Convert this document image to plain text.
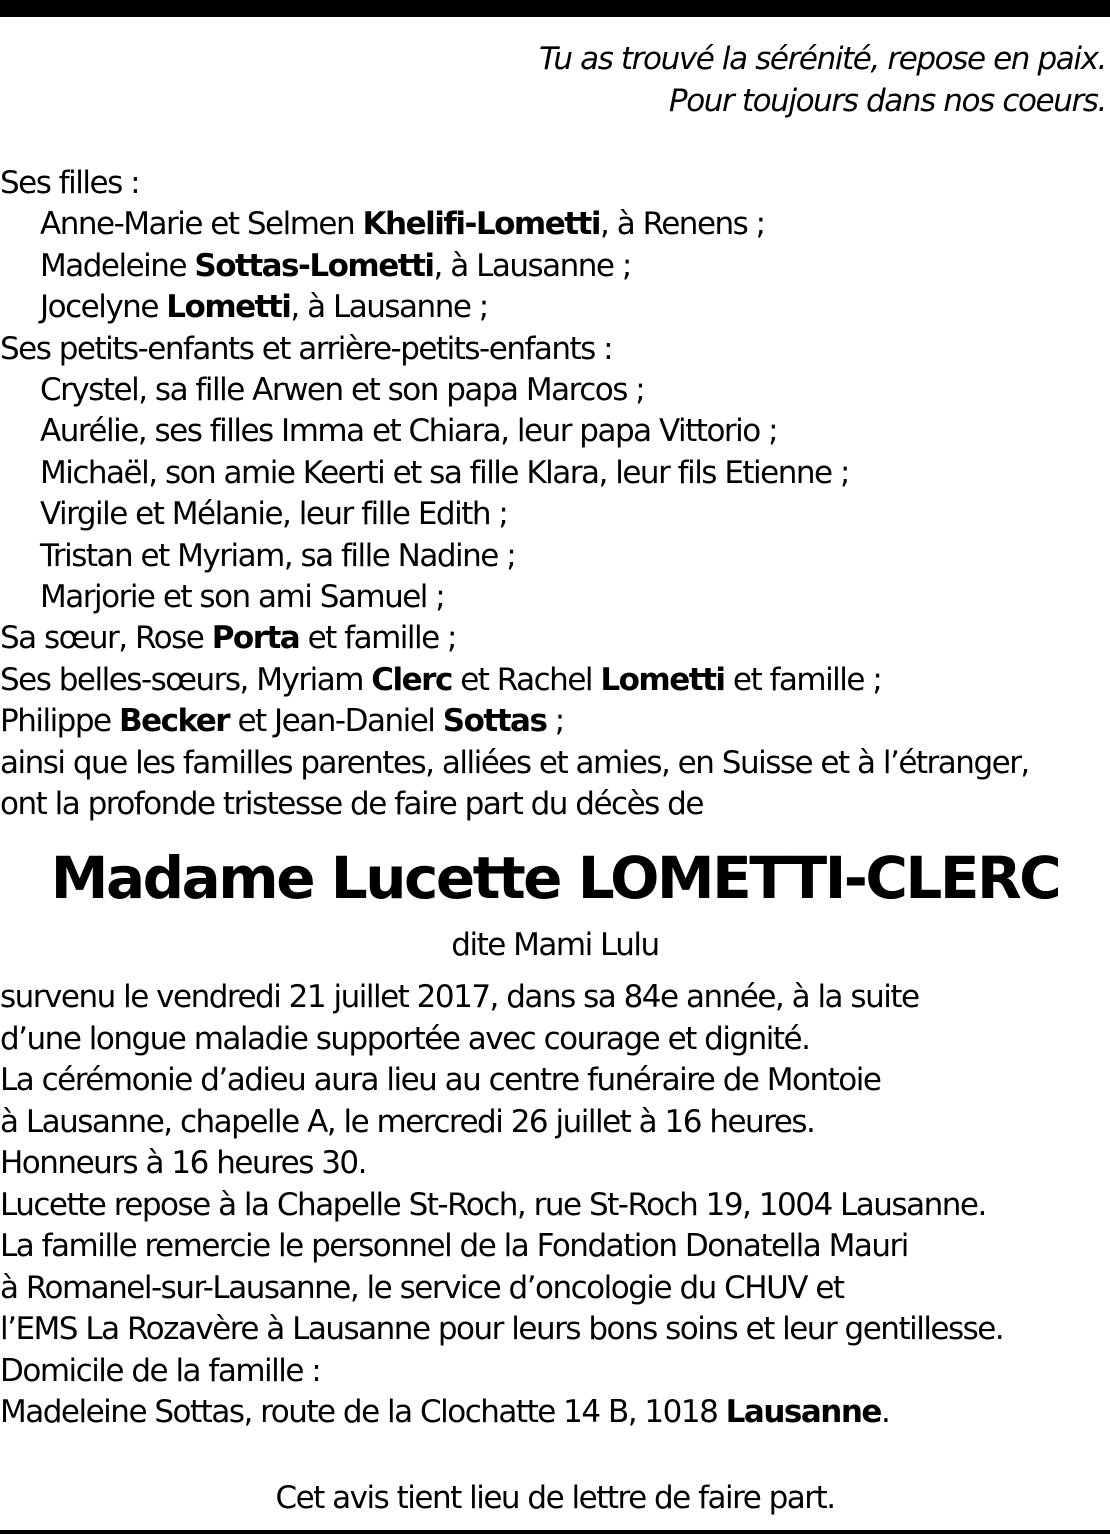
Tu as trouvé la sérénité, repose en paix.
Pour toujours dans nos coeurs.
Ses filles :
Anne-Marie et Selmen Khelifi-Lometti, à Renens ;
Madeleine Sottas-Lometti, à Lausanne ;
Jocelyne Lometti, à Lausanne ;
Ses petits-enfants et arrière-petits-enfants :
Crystel, sa fille Arwen et son papa Marcos ;
Aurélie, ses filles Imma et Chiara, leur papa Vittorio ;
Michaël, son amie Keerti et sa fille Klara, leur fils Etienne ;
Virgile et Mélanie, leur fille Edith ;
Tristan et Myriam, sa fille Nadine ;
Marjorie et son ami Samuel ;
Sa sœur, Rose Porta et famille ;
Ses belles-sœurs, Myriam Clerc et Rachel Lometti et famille ;
Philippe Becker et Jean-Daniel Sottas ;
ainsi que les familles parentes, alliées et amies, en Suisse et à l’étranger,
ont la profonde tristesse de faire part du décès de
Madame Lucette LOMETTI-CLERC
dite Mami Lulu
survenu le vendredi 21 juillet 2017, dans sa 84e année, à la suite
d’une longue maladie supportée avec courage et dignité.
La cérémonie d’adieu aura lieu au centre funéraire de Montoie
à Lausanne, chapelle A, le mercredi 26 juillet à 16 heures.
Honneurs à 16 heures 30.
Lucette repose à la Chapelle St-Roch, rue St-Roch 19, 1004 Lausanne.
La famille remercie le personnel de la Fondation Donatella Mauri
à Romanel-sur-Lausanne, le service d’oncologie du CHUV et
l’EMS La Rozavère à Lausanne pour leurs bons soins et leur gentillesse.
Domicile de la famille :
Madeleine Sottas, route de la Clochatte 14 B, 1018 Lausanne.
Cet avis tient lieu de lettre de faire part.
